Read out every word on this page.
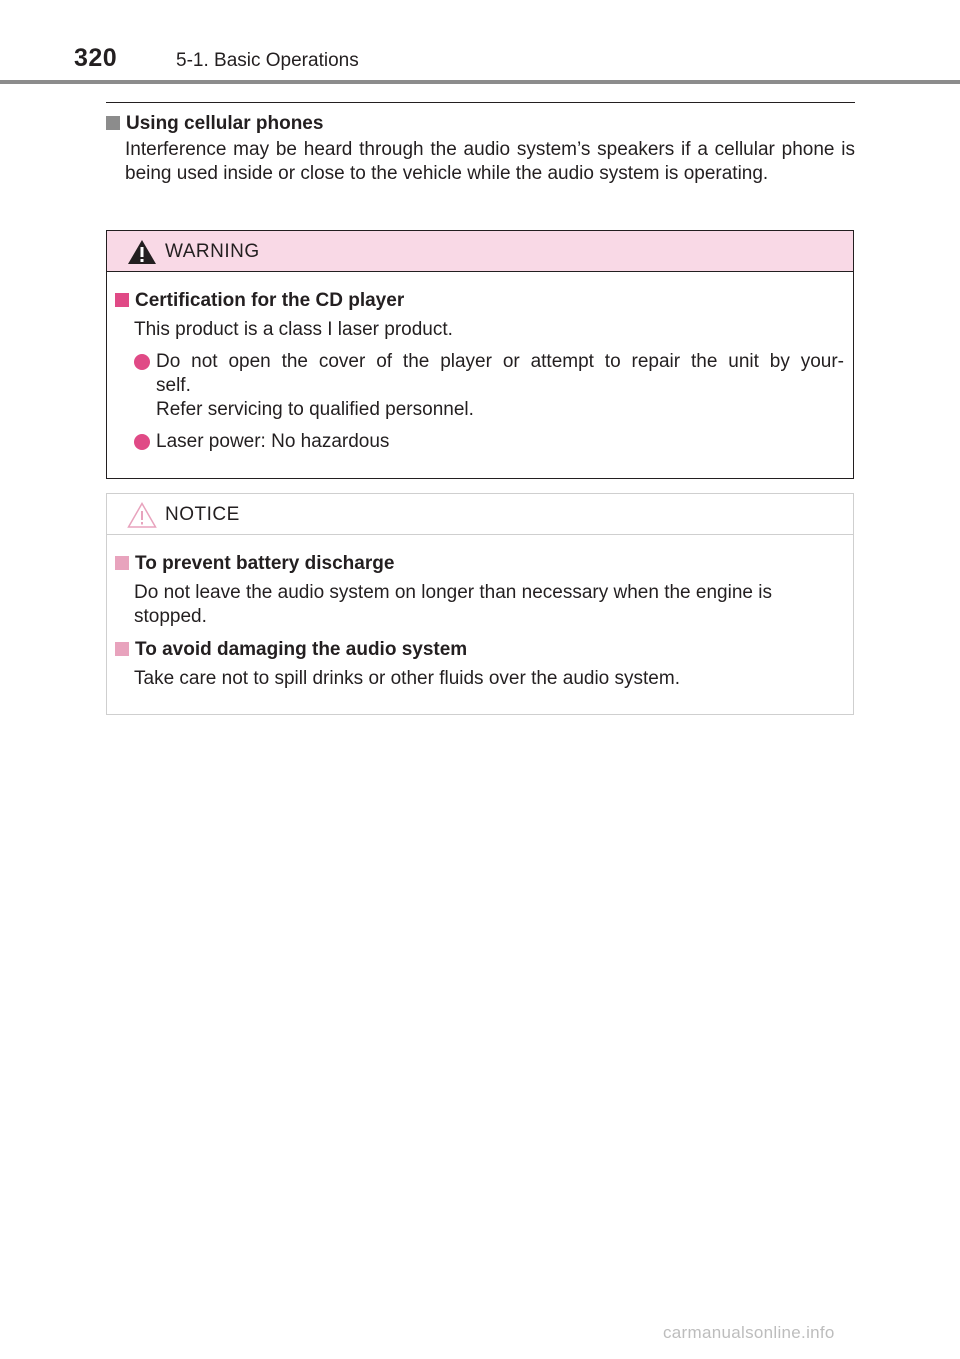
320	5-1. Basic Operations
Using cellular phones
Interference may be heard through the audio system’s speakers if a cellular phone is being used inside or close to the vehicle while the audio system is operating.
WARNING
Certification for the CD player
This product is a class I laser product.
Do not open the cover of the player or attempt to repair the unit by your-
self.
Refer servicing to qualified personnel.
Laser power: No hazardous
NOTICE
To prevent battery discharge
Do not leave the audio system on longer than necessary when the engine is stopped.
To avoid damaging the audio system
Take care not to spill drinks or other fluids over the audio system.
carmanualsonline.info
